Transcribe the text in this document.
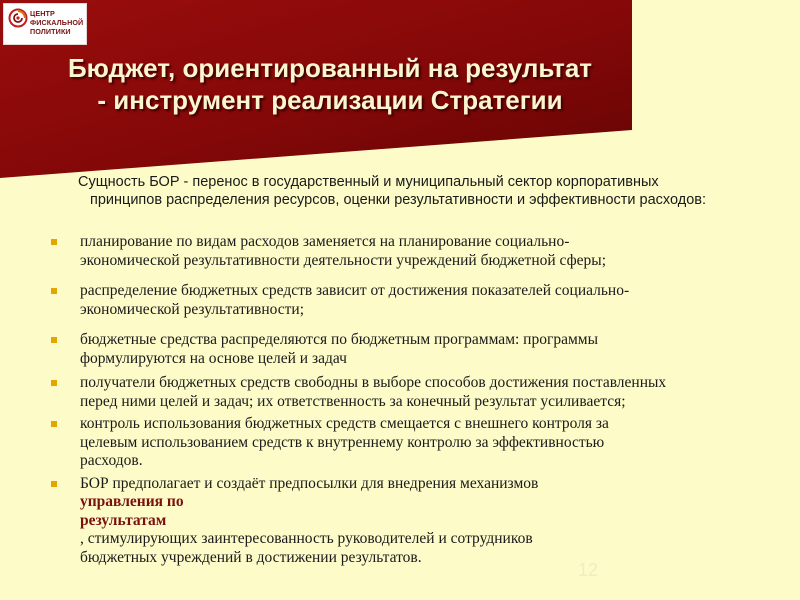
ЦЕНТР
ФИСКАЛЬНОЙ
ПОЛИТИКИ
Бюджет, ориентированный на результат
- инструмент реализации Стратегии
Сущность БОР - перенос в государственный и муниципальный сектор корпоративных
принципов распределения ресурсов, оценки результативности и эффективности расходов:
планирование по видам расходов заменяется на планирование социально-
экономической результативности деятельности учреждений бюджетной сферы;
распределение бюджетных средств зависит от достижения показателей социально-
экономической результативности;
бюджетные средства распределяются по бюджетным программам: программы
формулируются на основе целей и задач
получатели бюджетных средств свободны в выборе способов достижения поставленных
перед ними целей и задач; их ответственность за конечный результат усиливается;
контроль использования бюджетных средств смещается с внешнего контроля за
целевым использованием средств к внутреннему контролю за эффективностью
расходов.
БОР предполагает и создаёт предпосылки для внедрения механизмов
управления по
результатам
, стимулирующих заинтересованность руководителей и сотрудников
бюджетных учреждений в достижении результатов.
12
